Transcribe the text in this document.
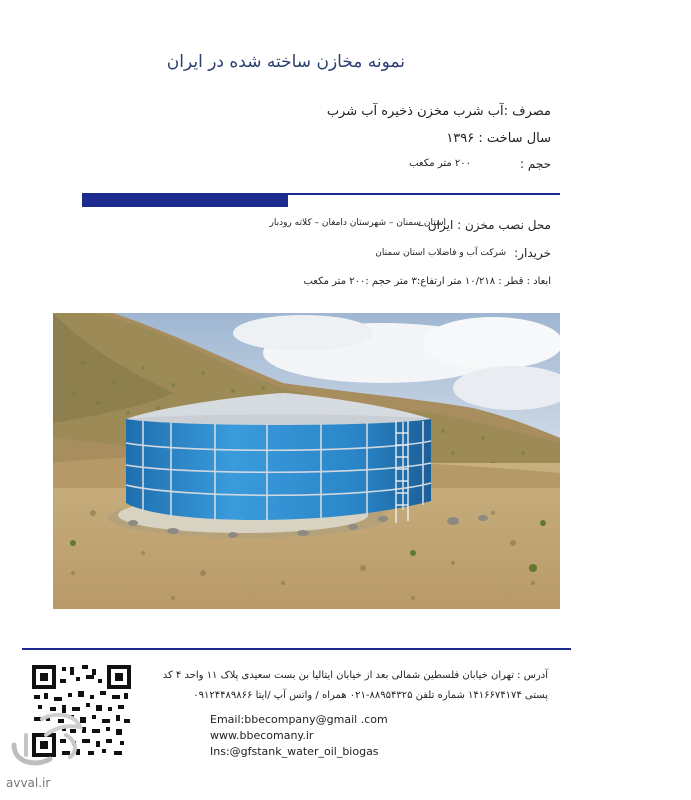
نمونه مخازن ساخته شده در ایران
مصرف :آب شرب مخزن ذخیره آب شرب
سال ساخت : ۱۳۹۶
حجم :
۲۰۰ متر مکعب
محل نصب مخزن : ایران –
استان سمنان – شهرستان دامغان – کلاته رودبار
خریدار:
شرکت آب و فاضلاب استان سمنان
ابعاد : قطر : ۱۰/۲۱۸ متر ارتفاع:۳ متر حجم :۲۰۰ متر مکعب
آدرس : تهران خیابان فلسطین شمالی بعد از خیابان ایتالیا بن بست سعیدی پلاک ۱۱ واحد ۴ کد
پستی ۱۴۱۶۶۷۴۱۷۴ شماره تلفن ۸۸۹۵۴۳۲۵-۰۲۱ همراه / واتس آپ /ایتا ۰۹۱۲۴۴۸۹۸۶۶
Email:bbecompany@gmail .com
www.bbecomany.ir
Ins:@gfstank_water_oil_biogas
avval.ir
